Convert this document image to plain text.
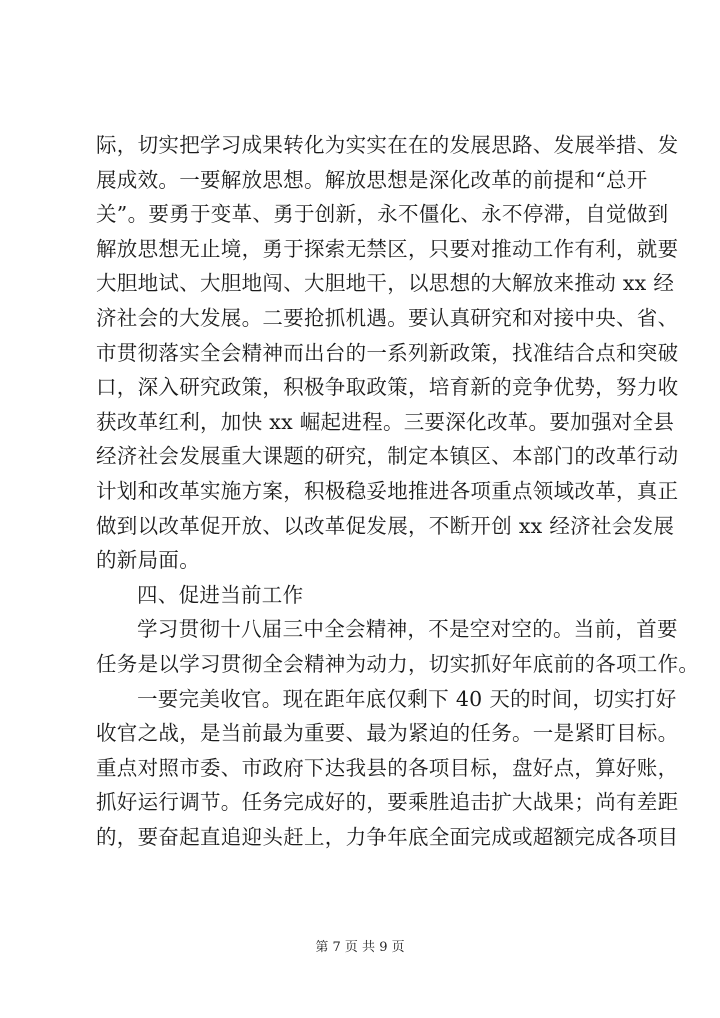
际，切实把学习成果转化为实实在在的发展思路、发展举措、发
展成效。一要解放思想。解放思想是深化改革的前提和“总开
关”。要勇于变革、勇于创新，永不僵化、永不停滞，自觉做到
解放思想无止境，勇于探索无禁区，只要对推动工作有利，就要
大胆地试、大胆地闯、大胆地干，以思想的大解放来推动 xx 经
济社会的大发展。二要抢抓机遇。要认真研究和对接中央、省、
市贯彻落实全会精神而出台的一系列新政策，找准结合点和突破
口，深入研究政策，积极争取政策，培育新的竞争优势，努力收
获改革红利，加快 xx 崛起进程。三要深化改革。要加强对全县
经济社会发展重大课题的研究，制定本镇区、本部门的改革行动
计划和改革实施方案，积极稳妥地推进各项重点领域改革，真正
做到以改革促开放、以改革促发展，不断开创 xx 经济社会发展
的新局面。
四、促进当前工作
学习贯彻十八届三中全会精神，不是空对空的。当前，首要
任务是以学习贯彻全会精神为动力，切实抓好年底前的各项工作。
一要完美收官。现在距年底仅剩下 40 天的时间，切实打好
收官之战，是当前最为重要、最为紧迫的任务。一是紧盯目标。
重点对照市委、市政府下达我县的各项目标，盘好点，算好账，
抓好运行调节。任务完成好的，要乘胜追击扩大战果；尚有差距
的，要奋起直追迎头赶上，力争年底全面完成或超额完成各项目
第 7 页 共 9 页
